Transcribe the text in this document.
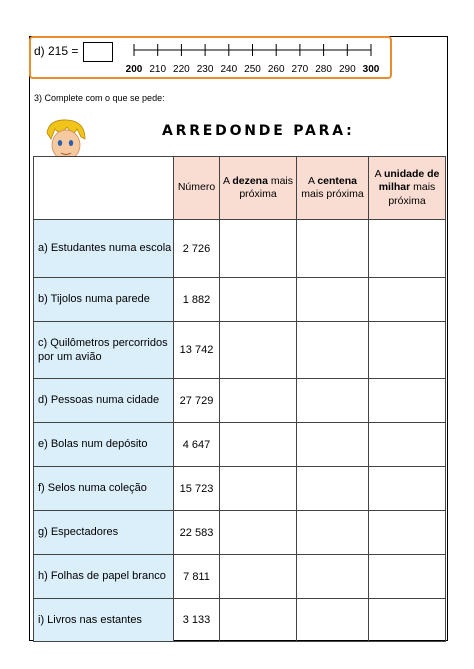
d) 215 =
200 210 220 230 240 250 260 270 280 290 300
3) Complete com o que se pede:
ARREDONDE PARA:
	Número	A dezena mais próxima	A centena mais próxima	A unidade de milhar mais próxima
a) Estudantes numa escola	2 726			
b) Tijolos numa parede	1 882			
c) Quilômetros percorridos por um avião	13 742			
d) Pessoas numa cidade	27 729			
e) Bolas num depósito	4 647			
f) Selos numa coleção	15 723			
g) Espectadores	22 583			
h) Folhas de papel branco	7 811			
i) Livros nas estantes	3 133			
